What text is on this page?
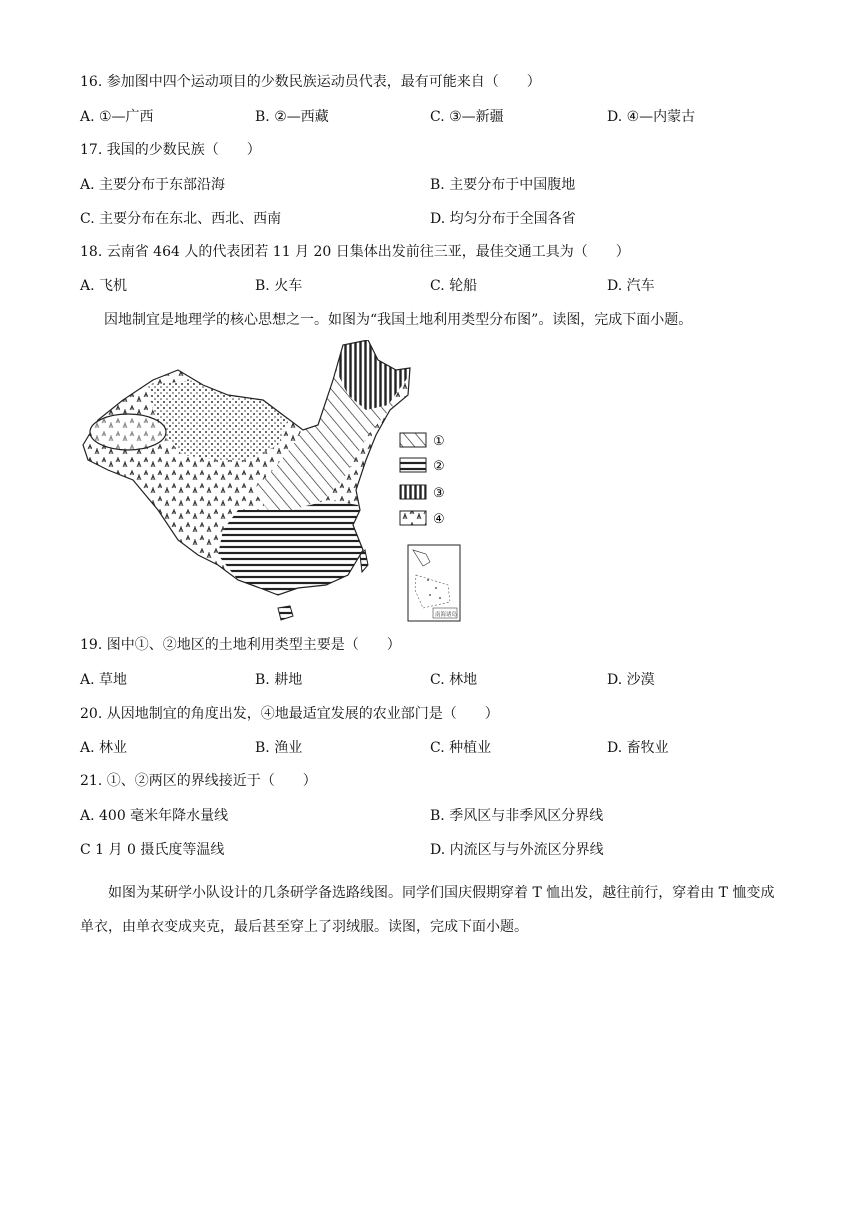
16. 参加图中四个运动项目的少数民族运动员代表，最有可能来自（　　）
A. ①—广西	B. ②—西藏	C. ③—新疆	D. ④—内蒙古
17. 我国的少数民族（　　）
A. 主要分布于东部沿海	B. 主要分布于中国腹地
C. 主要分布在东北、西北、西南	D. 均匀分布于全国各省
18. 云南省 464 人的代表团若 11 月 20 日集体出发前往三亚，最佳交通工具为（　　）
A. 飞机	B. 火车	C. 轮船	D. 汽车
因地制宜是地理学的核心思想之一。如图为“我国土地利用类型分布图”。读图，完成下面小题。
①
②
③
④
南海诸岛
19. 图中①、②地区的土地利用类型主要是（　　）
A. 草地	B. 耕地	C. 林地	D. 沙漠
20. 从因地制宜的角度出发，④地最适宜发展的农业部门是（　　）
A. 林业	B. 渔业	C. 种植业	D. 畜牧业
21. ①、②两区的界线接近于（　　）
A. 400 毫米年降水量线	B. 季风区与非季风区分界线
C 1 月 0 摄氏度等温线	D. 内流区与与外流区分界线
如图为某研学小队设计的几条研学备选路线图。同学们国庆假期穿着 T 恤出发，越往前行，穿着由 T 恤变成单衣，由单衣变成夹克，最后甚至穿上了羽绒服。读图，完成下面小题。
